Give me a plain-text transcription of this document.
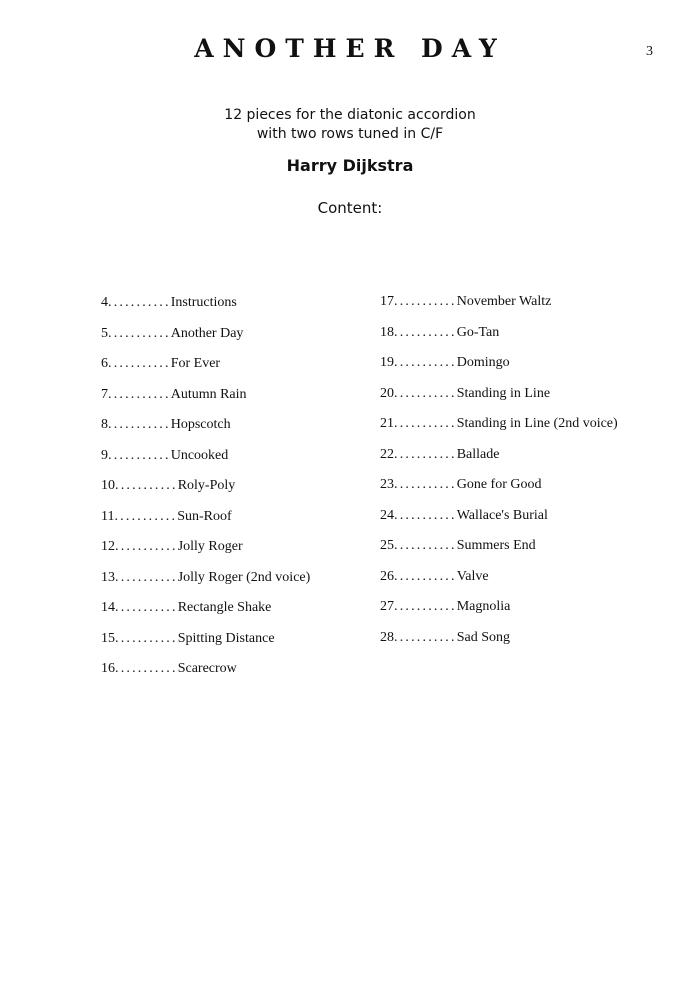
3
ANOTHER DAY
12 pieces for the diatonic accordion
with two rows tuned in C/F
Harry Dijkstra
Content:
4...........Instructions
5...........Another Day
6...........For Ever
7...........Autumn Rain
8...........Hopscotch
9...........Uncooked
10...........Roly-Poly
11...........Sun-Roof
12...........Jolly Roger
13...........Jolly Roger (2nd voice)
14...........Rectangle Shake
15...........Spitting Distance
16...........Scarecrow
17...........November Waltz
18...........Go-Tan
19...........Domingo
20...........Standing in Line
21...........Standing in Line (2nd voice)
22...........Ballade
23...........Gone for Good
24...........Wallace's Burial
25...........Summers End
26...........Valve
27...........Magnolia
28...........Sad Song
